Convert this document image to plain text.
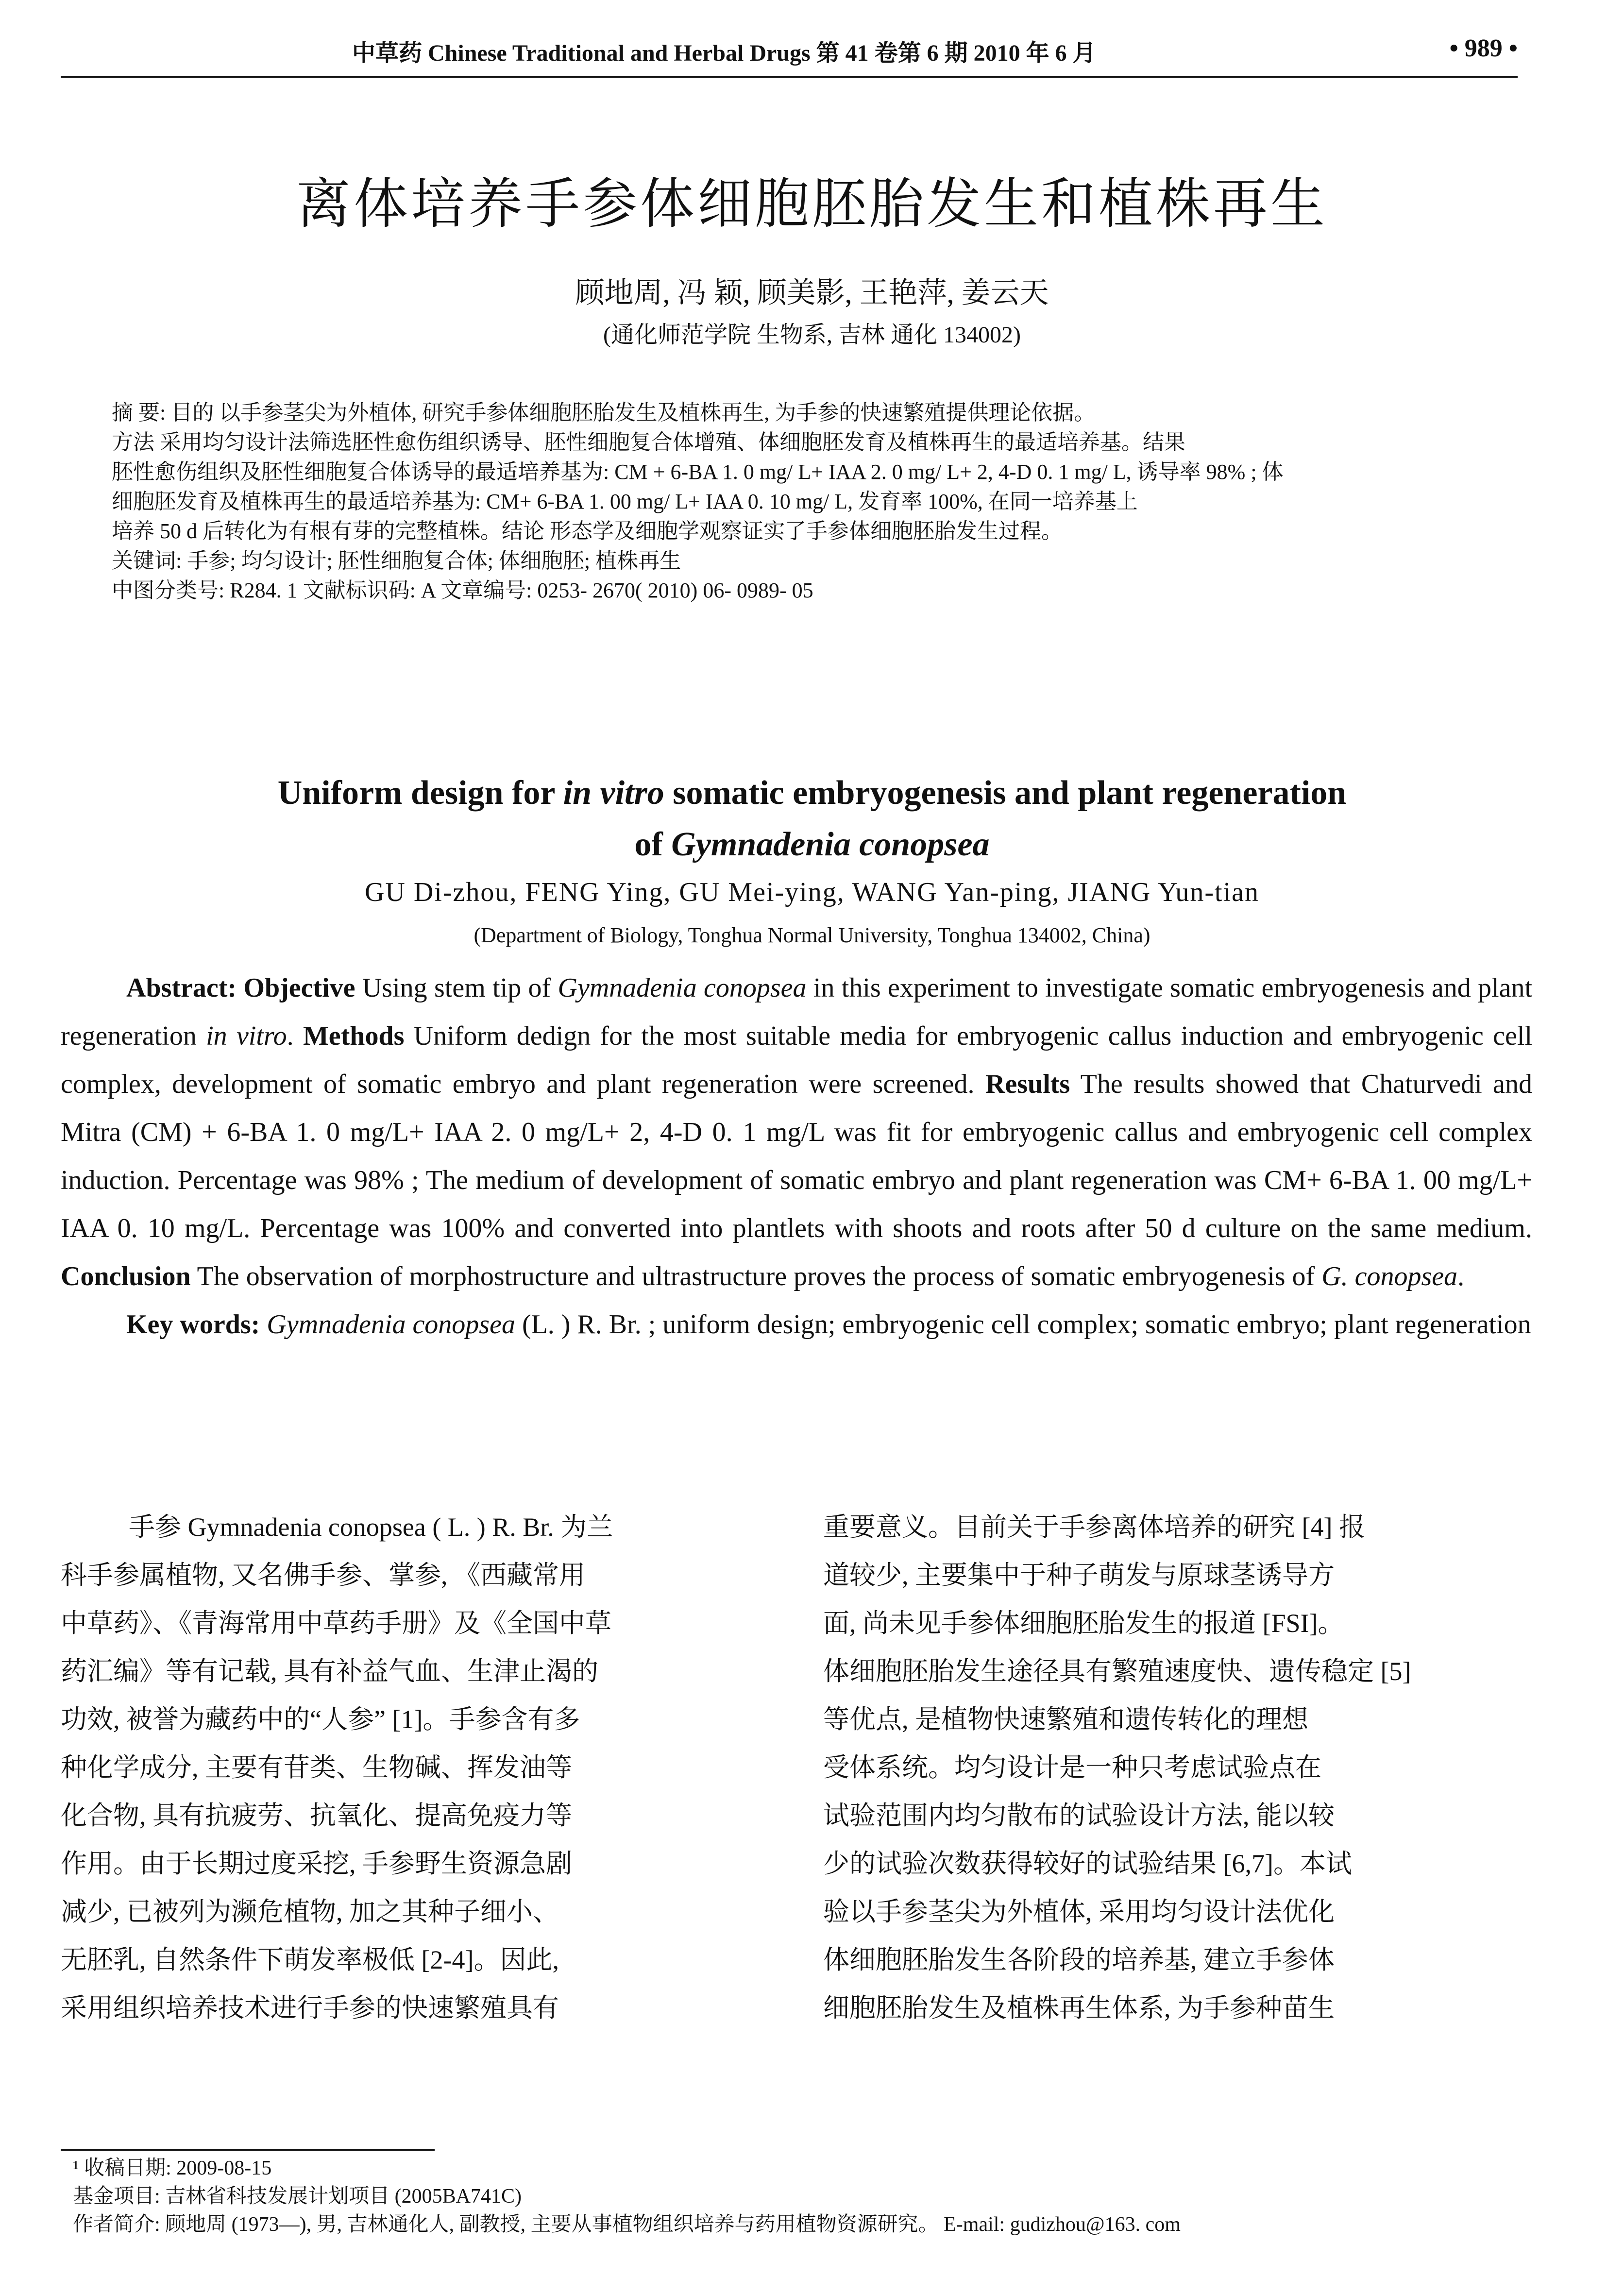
中草药 Chinese Traditional and Herbal Drugs 第 41 卷第 6 期 2010 年 6 月	• 989 •
离体培养手参体细胞胚胎发生和植株再生
顾地周, 冯 颖, 顾美影, 王艳萍, 姜云天
(通化师范学院 生物系, 吉林 通化 134002)
摘 要: 目的 以手参茎尖为外植体, 研究手参体细胞胚胎发生及植株再生, 为手参的快速繁殖提供理论依据。
方法 采用均匀设计法筛选胚性愈伤组织诱导、胚性细胞复合体增殖、体细胞胚发育及植株再生的最适培养基。结果
胚性愈伤组织及胚性细胞复合体诱导的最适培养基为: CM + 6-BA 1. 0 mg/ L+ IAA 2. 0 mg/ L+ 2, 4-D 0. 1 mg/ L, 诱导率 98% ; 体
细胞胚发育及植株再生的最适培养基为: CM+ 6-BA 1. 00 mg/ L+ IAA 0. 10 mg/ L, 发育率 100%, 在同一培养基上
培养 50 d 后转化为有根有芽的完整植株。结论 形态学及细胞学观察证实了手参体细胞胚胎发生过程。
关键词: 手参; 均匀设计; 胚性细胞复合体; 体细胞胚; 植株再生
中图分类号: R284. 1 文献标识码: A 文章编号: 0253- 2670( 2010) 06- 0989- 05
Uniform design for in vitro somatic embryogenesis and plant regeneration
of Gymnadenia conopsea
GU Di-zhou, FENG Ying, GU Mei-ying, WANG Yan-ping, JIANG Yun-tian
(Department of Biology, Tonghua Normal University, Tonghua 134002, China)

Abstract: Objective Using stem tip of Gymnadenia conopsea in this experiment to investigate somatic embryogenesis and plant regeneration in vitro. Methods Uniform dedign for the most suitable media for embryogenic callus induction and embryogenic cell complex, development of somatic embryo and plant regeneration were screened. Results The results showed that Chaturvedi and Mitra (CM) + 6-BA 1. 0 mg/L+ IAA 2. 0 mg/L+ 2, 4-D 0. 1 mg/L was fit for embryogenic callus and embryogenic cell complex induction. Percentage was 98% ; The medium of development of somatic embryo and plant regeneration was CM+ 6-BA 1. 00 mg/L+ IAA 0. 10 mg/L. Percentage was 100% and converted into plantlets with shoots and roots after 50 d culture on the same medium. Conclusion The observation of morphostructure and ultrastructure proves the process of somatic embryogenesis of G. conopsea.

Key words: Gymnadenia conopsea (L. ) R. Br. ; uniform design; embryogenic cell complex; somatic embryo; plant regeneration

手参 Gymnadenia conopsea ( L. ) R. Br. 为兰
科手参属植物, 又名佛手参、掌参, 《西藏常用
中草药》、《青海常用中草药手册》及《全国中草
药汇编》等有记载, 具有补益气血、生津止渴的
功效, 被誉为藏药中的“人参” [1]。手参含有多
种化学成分, 主要有苷类、生物碱、挥发油等
化合物, 具有抗疲劳、抗氧化、提高免疫力等
作用。由于长期过度采挖, 手参野生资源急剧
减少, 已被列为濒危植物, 加之其种子细小、
无胚乳, 自然条件下萌发率极低 [2-4]。因此,
采用组织培养技术进行手参的快速繁殖具有
重要意义。目前关于手参离体培养的研究 [4] 报
道较少, 主要集中于种子萌发与原球茎诱导方
面, 尚未见手参体细胞胚胎发生的报道 [FSI]。
体细胞胚胎发生途径具有繁殖速度快、遗传稳定 [5]
等优点, 是植物快速繁殖和遗传转化的理想
受体系统。均匀设计是一种只考虑试验点在
试验范围内均匀散布的试验设计方法, 能以较
少的试验次数获得较好的试验结果 [6,7]。本试
验以手参茎尖为外植体, 采用均匀设计法优化
体细胞胚胎发生各阶段的培养基, 建立手参体
细胞胚胎发生及植株再生体系, 为手参种苗生
¹ 收稿日期: 2009-08-15
基金项目: 吉林省科技发展计划项目 (2005BA741C)
作者简介: 顾地周 (1973—), 男, 吉林通化人, 副教授, 主要从事植物组织培养与药用植物资源研究。 E-mail: gudizhou@163. com
